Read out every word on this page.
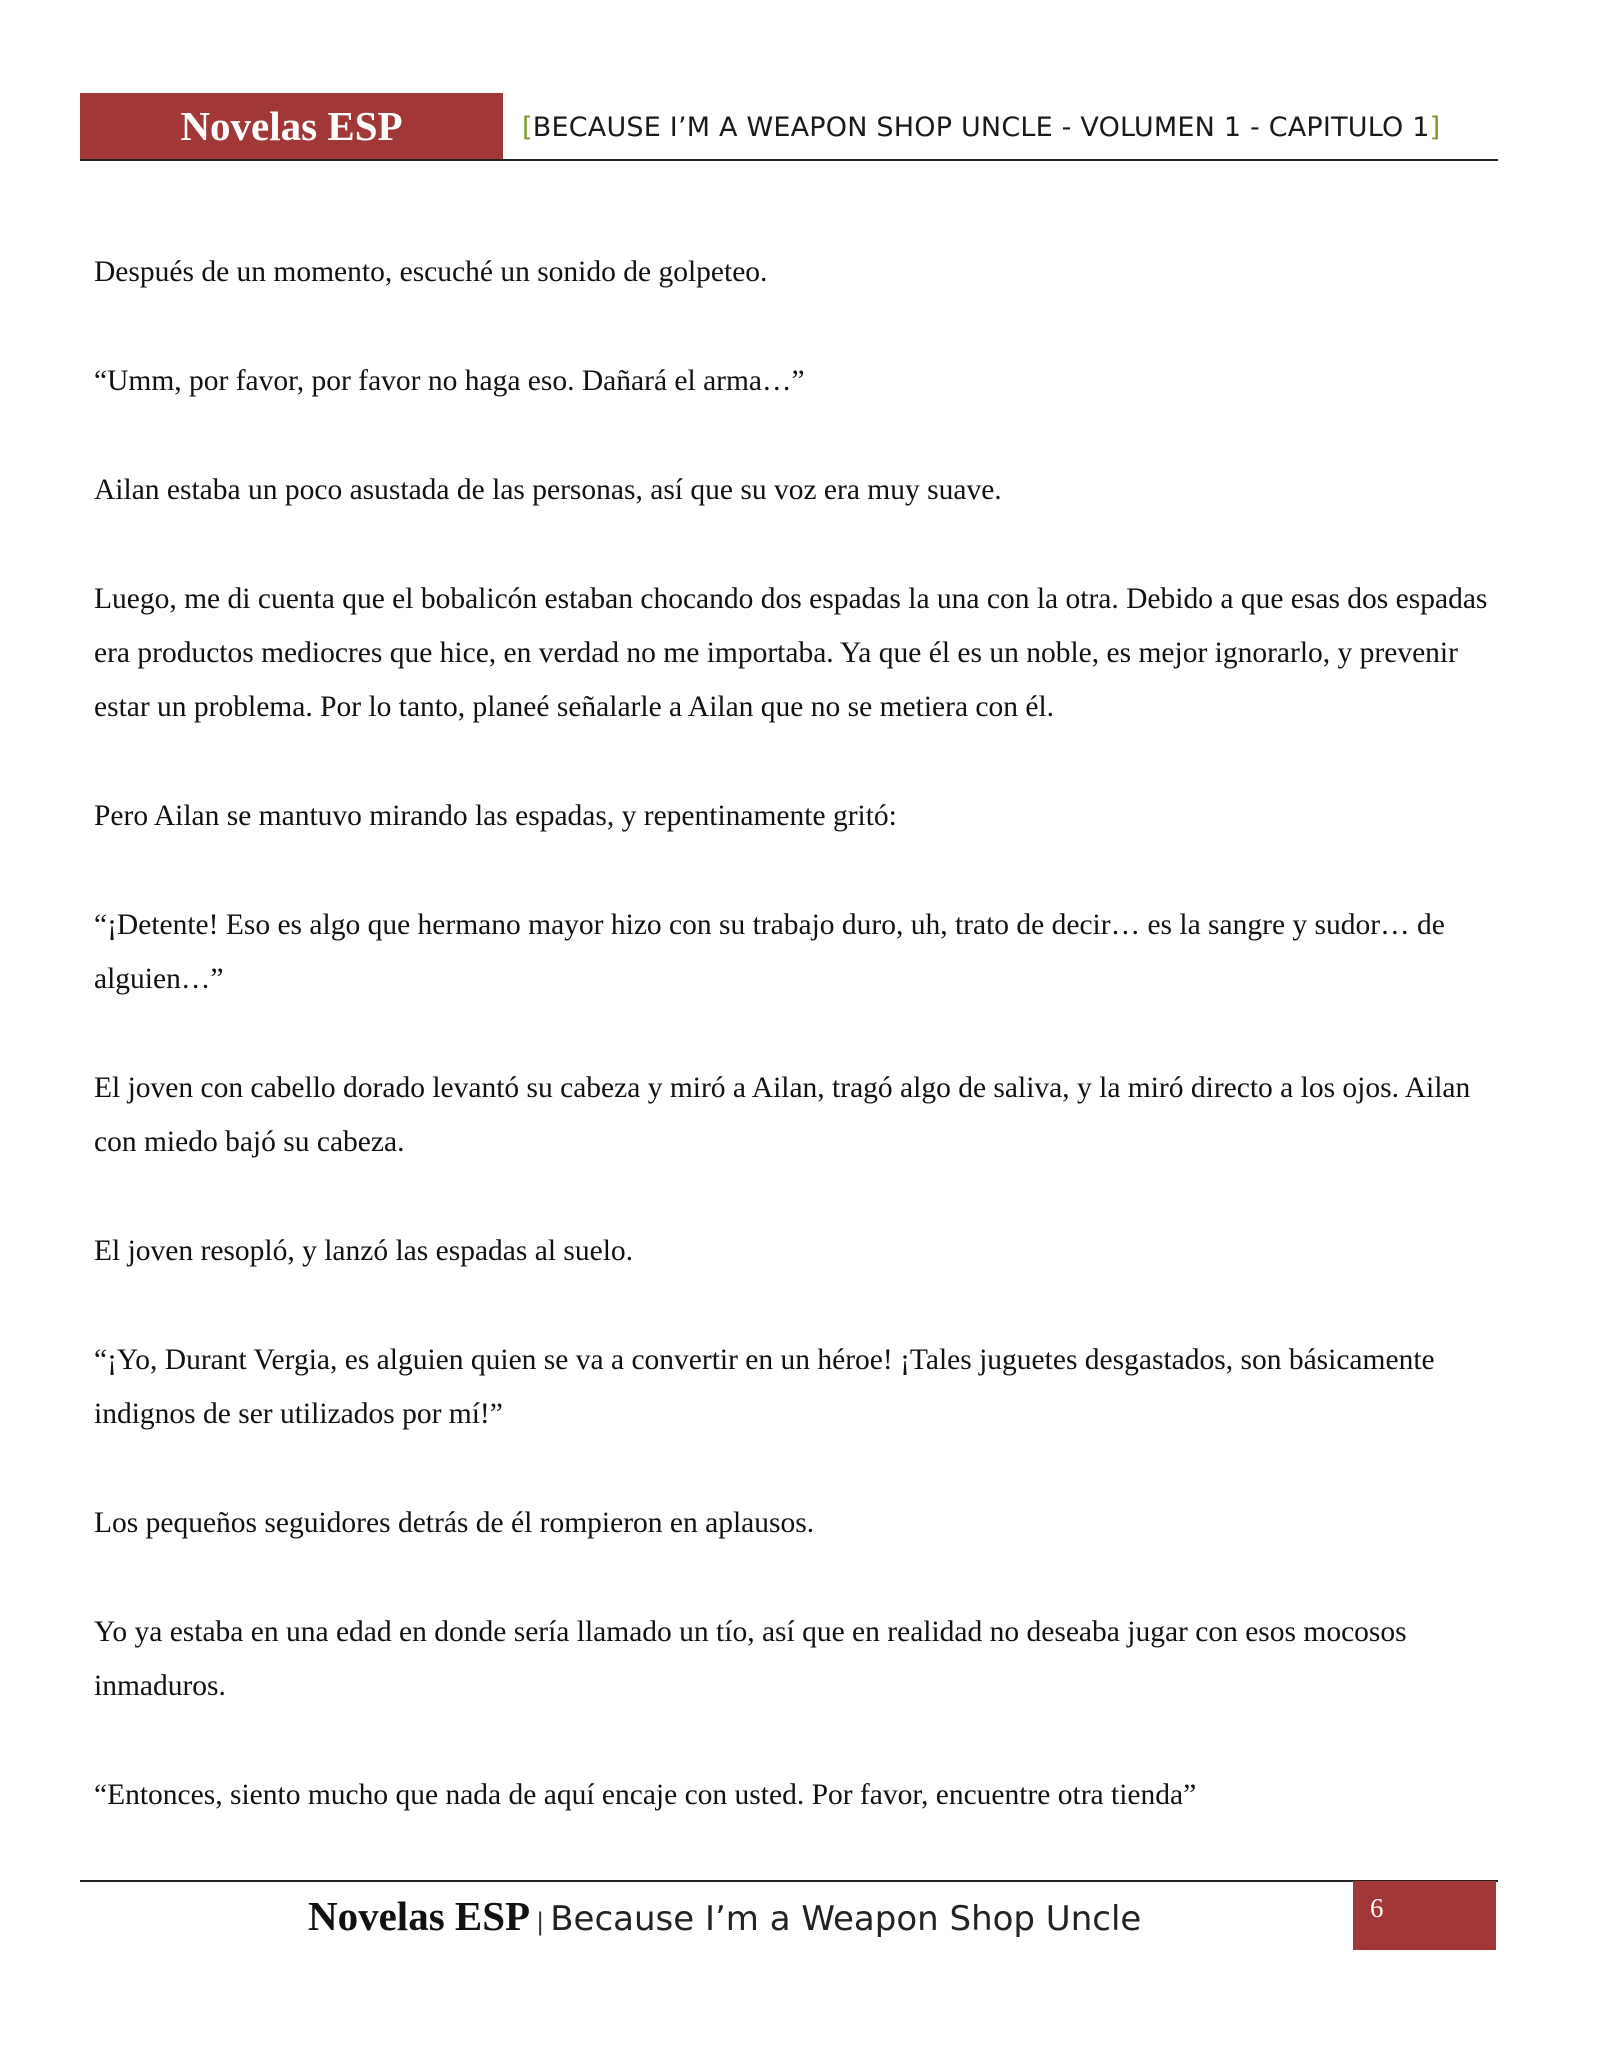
Novelas ESP	[BECAUSE I’M A WEAPON SHOP UNCLE - VOLUMEN 1 - CAPITULO 1]

Después de un momento, escuché un sonido de golpeteo.

“Umm, por favor, por favor no haga eso. Dañará el arma…”

Ailan estaba un poco asustada de las personas, así que su voz era muy suave.

Luego, me di cuenta que el bobalicón estaban chocando dos espadas la una con la otra. Debido a que esas dos espadas era productos mediocres que hice, en verdad no me importaba. Ya que él es un noble, es mejor ignorarlo, y prevenir estar un problema. Por lo tanto, planeé señalarle a Ailan que no se metiera con él.

Pero Ailan se mantuvo mirando las espadas, y repentinamente gritó:

“¡Detente! Eso es algo que hermano mayor hizo con su trabajo duro, uh, trato de decir… es la sangre y sudor… de alguien…”

El joven con cabello dorado levantó su cabeza y miró a Ailan, tragó algo de saliva, y la miró directo a los ojos. Ailan con miedo bajó su cabeza.

El joven resopló, y lanzó las espadas al suelo.

“¡Yo, Durant Vergia, es alguien quien se va a convertir en un héroe! ¡Tales juguetes desgastados, son básicamente indignos de ser utilizados por mí!”

Los pequeños seguidores detrás de él rompieron en aplausos.

Yo ya estaba en una edad en donde sería llamado un tío, así que en realidad no deseaba jugar con esos mocosos inmaduros.

“Entonces, siento mucho que nada de aquí encaje con usted. Por favor, encuentre otra tienda”

Novelas ESP | Because I’m a Weapon Shop Uncle	6
